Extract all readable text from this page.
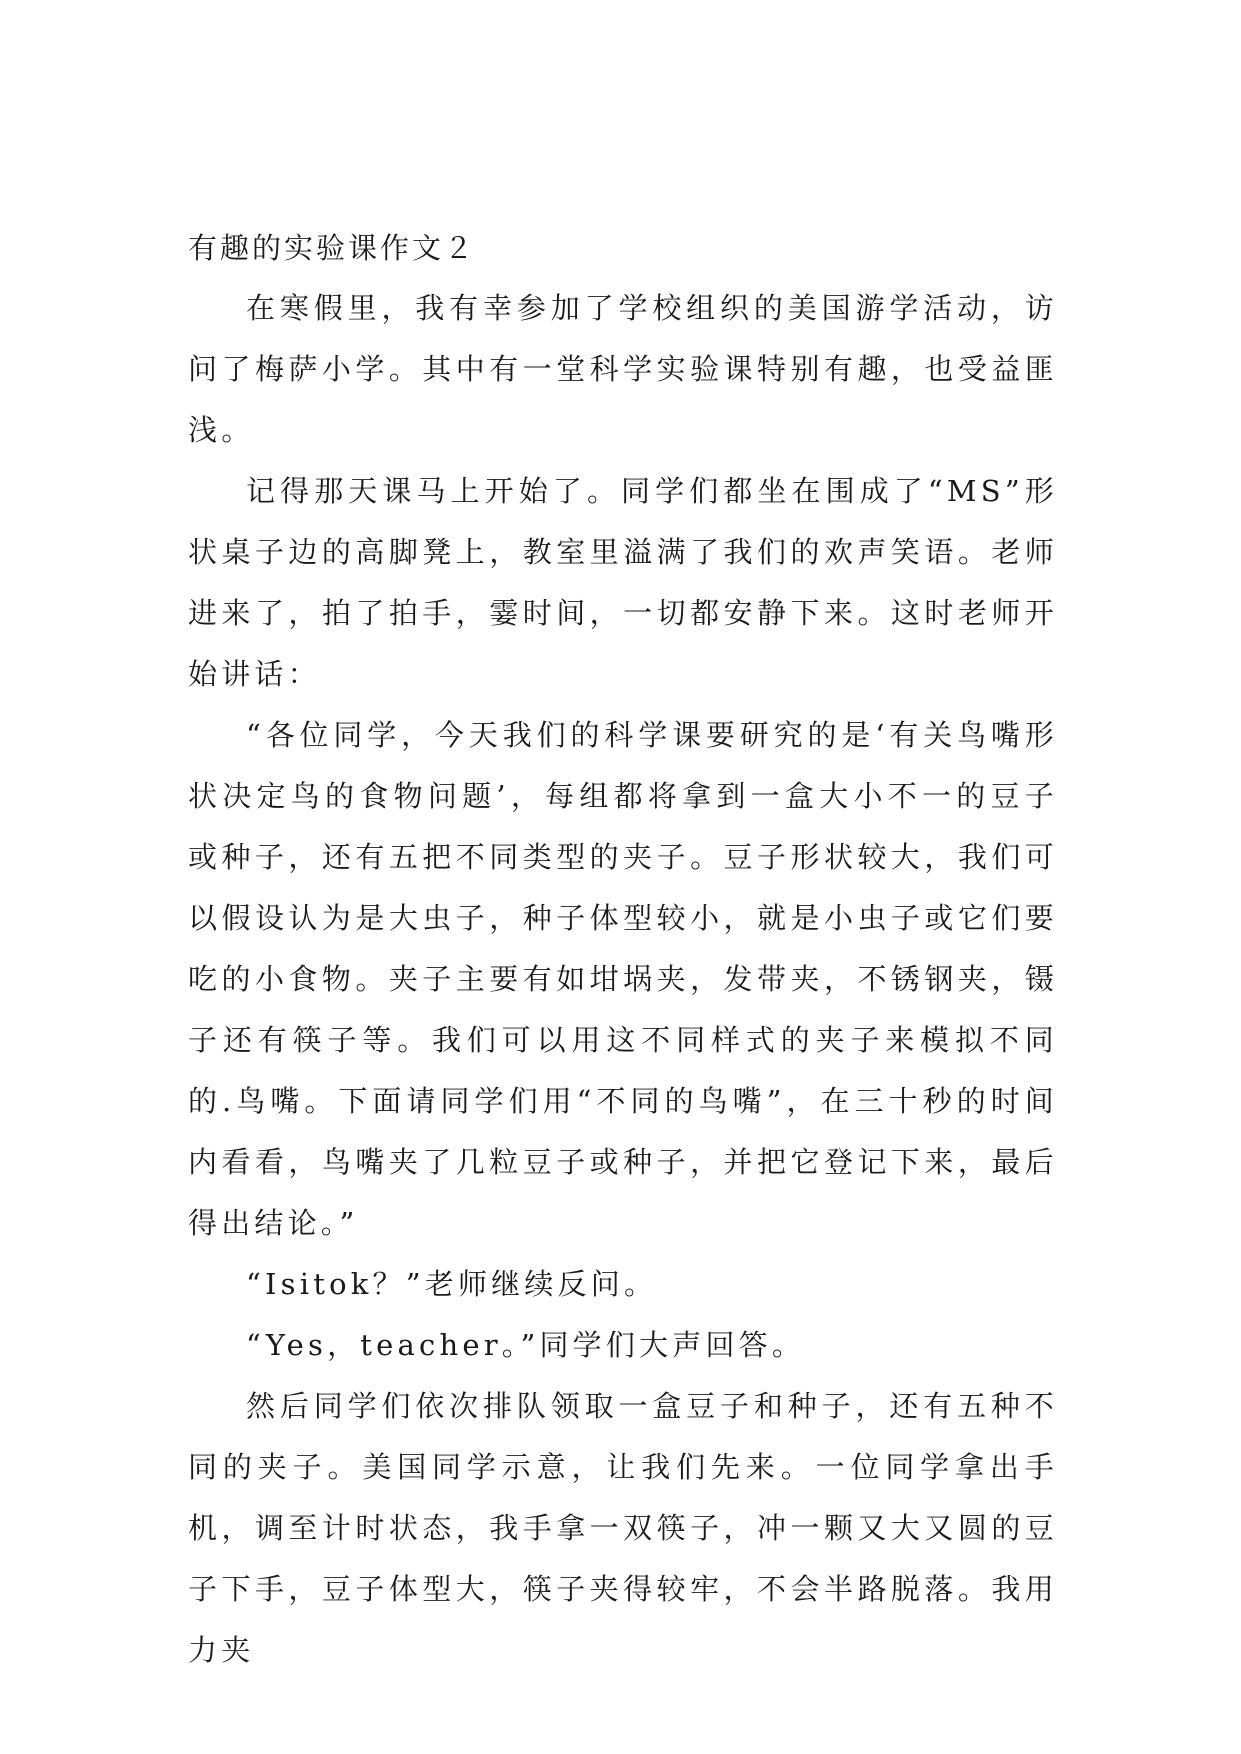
有趣的实验课作文２

在寒假里，我有幸参加了学校组织的美国游学活动，访问了梅萨小学。其中有一堂科学实验课特别有趣，也受益匪浅。

记得那天课马上开始了。同学们都坐在围成了“MS”形状桌子边的高脚凳上，教室里溢满了我们的欢声笑语。老师进来了，拍了拍手，霎时间，一切都安静下来。这时老师开始讲话：

“各位同学，今天我们的科学课要研究的是‘有关鸟嘴形状决定鸟的食物问题’，每组都将拿到一盒大小不一的豆子或种子，还有五把不同类型的夹子。豆子形状较大，我们可以假设认为是大虫子，种子体型较小，就是小虫子或它们要吃的小食物。夹子主要有如坩埚夹，发带夹，不锈钢夹，镊子还有筷子等。我们可以用这不同样式的夹子来模拟不同的.鸟嘴。下面请同学们用“不同的鸟嘴”，在三十秒的时间内看看，鸟嘴夹了几粒豆子或种子，并把它登记下来，最后得出结论。”

“Isitok？”老师继续反问。

“Yes，teacher。”同学们大声回答。

然后同学们依次排队领取一盒豆子和种子，还有五种不同的夹子。美国同学示意，让我们先来。一位同学拿出手机，调至计时状态，我手拿一双筷子，冲一颗又大又圆的豆子下手，豆子体型大，筷子夹得较牢，不会半路脱落。我用力夹
